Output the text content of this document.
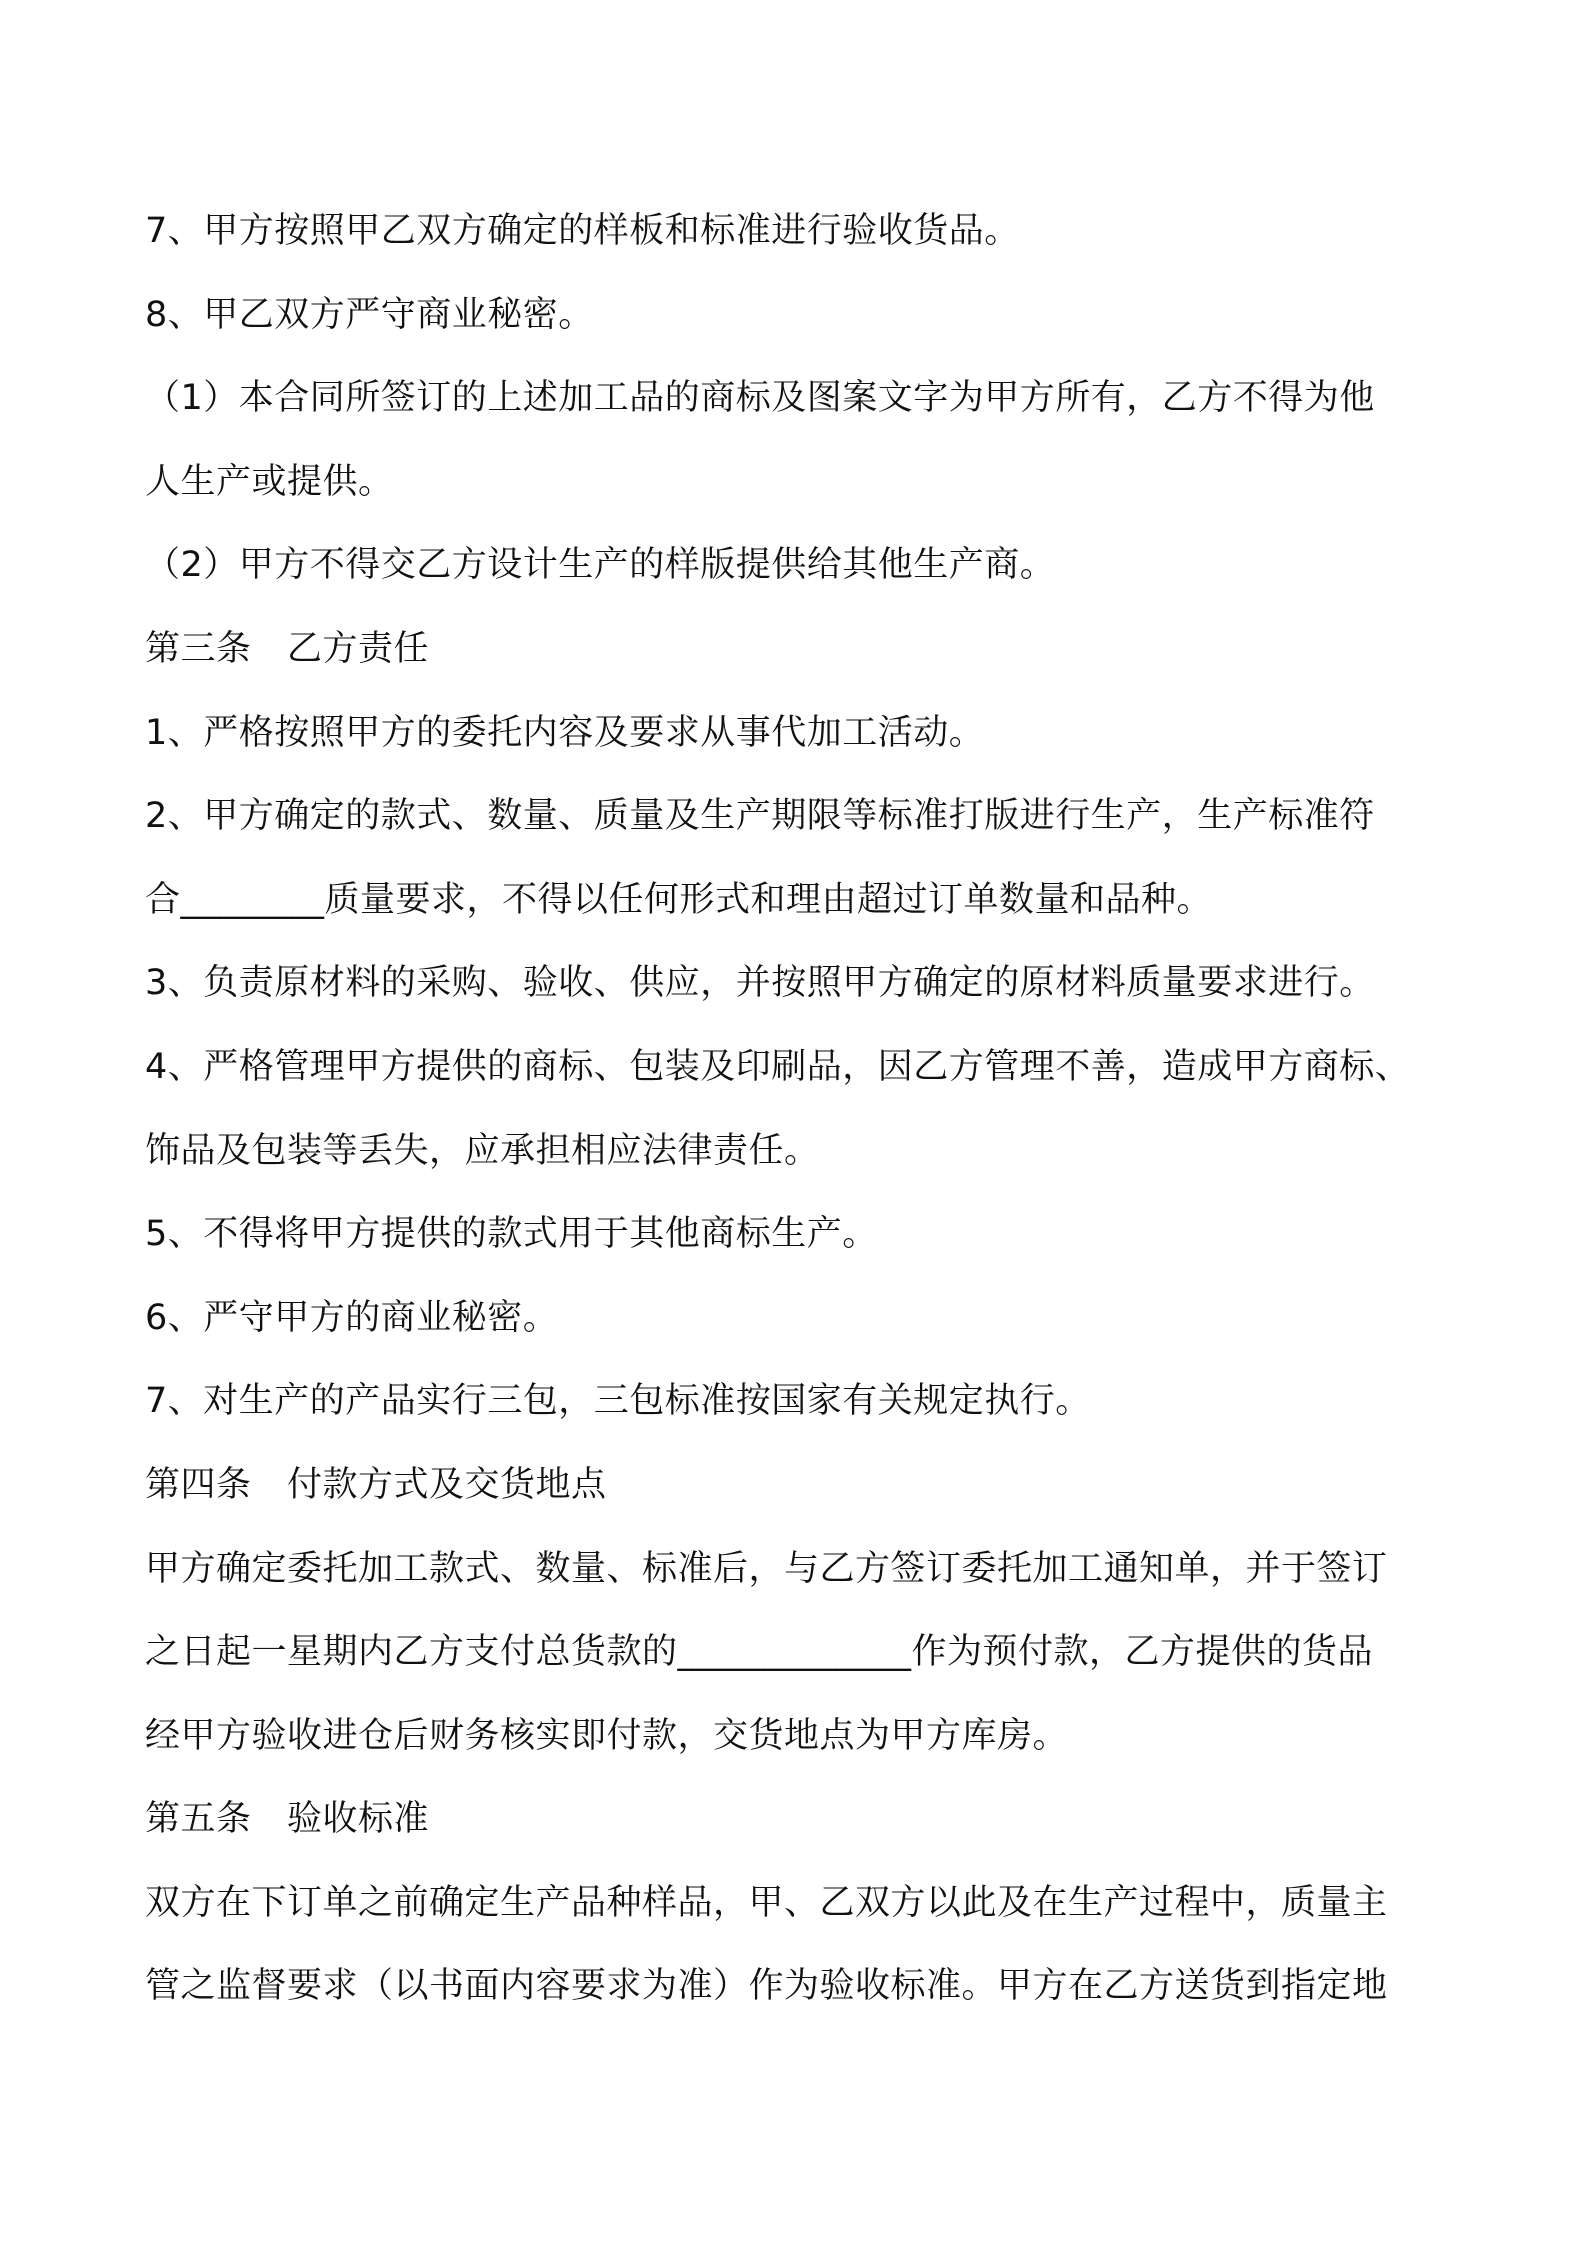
7、甲方按照甲乙双方确定的样板和标准进行验收货品。
8、甲乙双方严守商业秘密。
（1）本合同所签订的上述加工品的商标及图案文字为甲方所有，乙方不得为他
人生产或提供。
（2）甲方不得交乙方设计生产的样版提供给其他生产商。
第三条　乙方责任
1、严格按照甲方的委托内容及要求从事代加工活动。
2、甲方确定的款式、数量、质量及生产期限等标准打版进行生产，生产标准符
合________质量要求，不得以任何形式和理由超过订单数量和品种。
3、负责原材料的采购、验收、供应，并按照甲方确定的原材料质量要求进行。
4、严格管理甲方提供的商标、包装及印刷品，因乙方管理不善，造成甲方商标、
饰品及包装等丢失，应承担相应法律责任。
5、不得将甲方提供的款式用于其他商标生产。
6、严守甲方的商业秘密。
7、对生产的产品实行三包，三包标准按国家有关规定执行。
第四条　付款方式及交货地点
甲方确定委托加工款式、数量、标准后，与乙方签订委托加工通知单，并于签订
之日起一星期内乙方支付总货款的_____________作为预付款，乙方提供的货品
经甲方验收进仓后财务核实即付款，交货地点为甲方库房。
第五条　验收标准
双方在下订单之前确定生产品种样品，甲、乙双方以此及在生产过程中，质量主
管之监督要求（以书面内容要求为准）作为验收标准。甲方在乙方送货到指定地
